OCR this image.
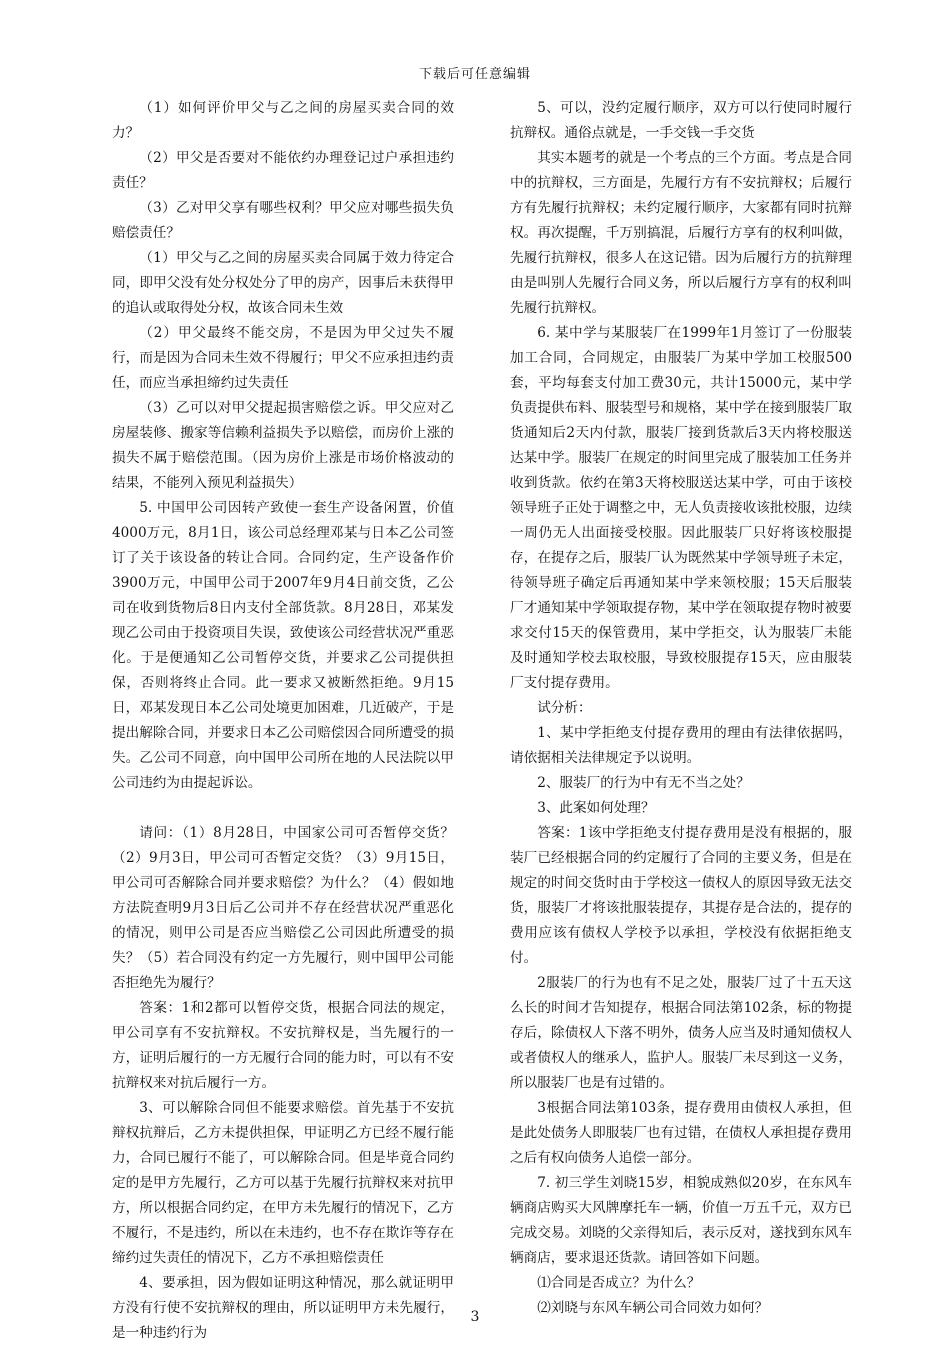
下载后可任意编辑

（1）如何评价甲父与乙之间的房屋买卖合同的效力？

（2）甲父是否要对不能依约办理登记过户承担违约责任？

（3）乙对甲父享有哪些权利？甲父应对哪些损失负赔偿责任？

（1）甲父与乙之间的房屋买卖合同属于效力待定合同，即甲父没有处分权处分了甲的房产，因事后未获得甲的追认或取得处分权，故该合同未生效

（2）甲父最终不能交房，不是因为甲父过失不履行，而是因为合同未生效不得履行；甲父不应承担违约责任，而应当承担缔约过失责任

（3）乙可以对甲父提起损害赔偿之诉。甲父应对乙房屋装修、搬家等信赖利益损失予以赔偿，而房价上涨的损失不属于赔偿范围。（因为房价上涨是市场价格波动的结果，不能列入预见利益损失）

5. 中国甲公司因转产致使一套生产设备闲置，价值4000万元，8月1日，该公司总经理邓某与日本乙公司签订了关于该设备的转让合同。合同约定，生产设备作价3900万元，中国甲公司于2007年9月4日前交货，乙公司在收到货物后8日内支付全部货款。8月28日，邓某发现乙公司由于投资项目失误，致使该公司经营状况严重恶化。于是便通知乙公司暂停交货，并要求乙公司提供担保，否则将终止合同。此一要求又被断然拒绝。9月15日，邓某发现日本乙公司处境更加困难，几近破产，于是提出解除合同，并要求日本乙公司赔偿因合同所遭受的损失。乙公司不同意，向中国甲公司所在地的人民法院以甲公司违约为由提起诉讼。

请问：（1）8月28日，中国家公司可否暂停交货？（2）9月3日，甲公司可否暂定交货？（3）9月15日，甲公司可否解除合同并要求赔偿？为什么？（4）假如地方法院查明9月3日后乙公司并不存在经营状况严重恶化的情况，则甲公司是否应当赔偿乙公司因此所遭受的损失？（5）若合同没有约定一方先履行，则中国甲公司能否拒绝先为履行？

答案：1和2都可以暂停交货，根据合同法的规定，甲公司享有不安抗辩权。不安抗辩权是，当先履行的一方，证明后履行的一方无履行合同的能力时，可以有不安抗辩权来对抗后履行一方。

3、可以解除合同但不能要求赔偿。首先基于不安抗辩权抗辩后，乙方未提供担保，甲证明乙方已经不履行能力，合同已履行不能了，可以解除合同。但是毕竟合同约定的是甲方先履行，乙方可以基于先履行抗辩权来对抗甲方，所以根据合同约定，在甲方未先履行的情况下，乙方不履行，不是违约，所以在未违约，也不存在欺诈等存在缔约过失责任的情况下，乙方不承担赔偿责任

4、要承担，因为假如证明这种情况，那么就证明甲方没有行使不安抗辩权的理由，所以证明甲方未先履行，是一种违约行为

5、可以，没约定履行顺序，双方可以行使同时履行抗辩权。通俗点就是，一手交钱一手交货

其实本题考的就是一个考点的三个方面。考点是合同中的抗辩权，三方面是，先履行方有不安抗辩权；后履行方有先履行抗辩权；未约定履行顺序，大家都有同时抗辩权。再次提醒，千万别搞混，后履行方享有的权利叫做，先履行抗辩权，很多人在这记错。因为后履行方的抗辩理由是叫别人先履行合同义务，所以后履行方享有的权利叫先履行抗辩权。

6. 某中学与某服装厂在1999年1月签订了一份服装加工合同，合同规定，由服装厂为某中学加工校服500套，平均每套支付加工费30元，共计15000元，某中学负责提供布料、服装型号和规格，某中学在接到服装厂取货通知后2天内付款，服装厂接到货款后3天内将校服送达某中学。服装厂在规定的时间里完成了服装加工任务并收到货款。依约在第3天将校服送达某中学，可由于该校领导班子正处于调整之中，无人负责接收该批校服，边续一周仍无人出面接受校服。因此服装厂只好将该校服提存，在提存之后，服装厂认为既然某中学领导班子未定，待领导班子确定后再通知某中学来领校服；15天后服装厂才通知某中学领取提存物，某中学在领取提存物时被要求交付15天的保管费用，某中学拒交，认为服装厂未能及时通知学校去取校服，导致校服提存15天，应由服装厂支付提存费用。

试分析：

1、某中学拒绝支付提存费用的理由有法律依据吗，请依据相关法律规定予以说明。

2、服装厂的行为中有无不当之处？

3、此案如何处理？

答案：1该中学拒绝支付提存费用是没有根据的，服装厂已经根据合同的约定履行了合同的主要义务，但是在规定的时间交货时由于学校这一债权人的原因导致无法交货，服装厂才将该批服装提存，其提存是合法的，提存的费用应该有债权人学校予以承担，学校没有依据拒绝支付。

2服装厂的行为也有不足之处，服装厂过了十五天这么长的时间才告知提存，根据合同法第102条，标的物提存后，除债权人下落不明外，债务人应当及时通知债权人或者债权人的继承人，监护人。服装厂未尽到这一义务，所以服装厂也是有过错的。

3根据合同法第103条，提存费用由债权人承担，但是此处债务人即服装厂也有过错，在债权人承担提存费用之后有权向债务人追偿一部分。

7. 初三学生刘晓15岁，相貌成熟似20岁，在东风车辆商店购买大风牌摩托车一辆，价值一万五千元，双方已完成交易。刘晓的父亲得知后，表示反对，遂找到东风车辆商店，要求退还货款。请回答如下问题。

⑴合同是否成立？为什么？

⑵刘晓与东风车辆公司合同效力如何？

3
